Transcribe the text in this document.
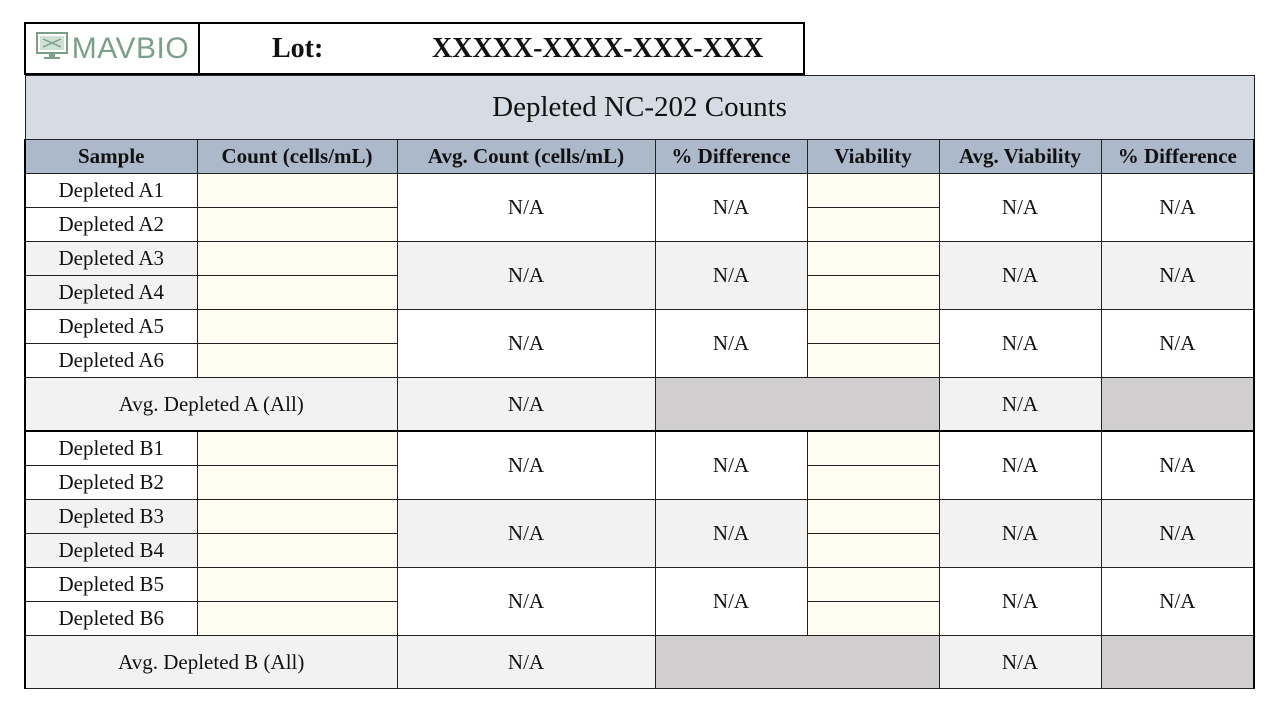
MAVBIO	Lot:	XXXXX-XXXX-XXX-XXX
Depleted NC-202 Counts						
Sample	Count (cells/mL)	Avg. Count (cells/mL)	% Difference	Viability	Avg. Viability	% Difference
Depleted A1		N/A	N/A		N/A	N/A
Depleted A2						
Depleted A3		N/A	N/A		N/A	N/A
Depleted A4						
Depleted A5		N/A	N/A		N/A	N/A
Depleted A6						
Avg. Depleted A (All)		N/A			N/A	
Depleted B1		N/A	N/A		N/A	N/A
Depleted B2						
Depleted B3		N/A	N/A		N/A	N/A
Depleted B4						
Depleted B5		N/A	N/A		N/A	N/A
Depleted B6						
Avg. Depleted B (All)		N/A			N/A	
